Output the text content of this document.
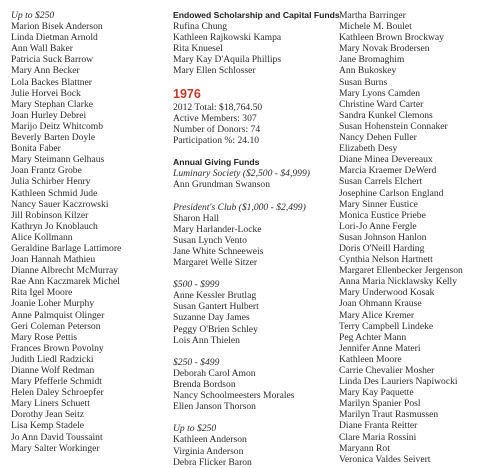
Up to $250
Marion Bisek Anderson
Linda Dietman Arnold
Ann Wall Baker
Patricia Suck Barrow
Mary Ann Becker
Lola Backes Blattner
Julie Horvei Bock
Mary Stephan Clarke
Joan Hurley Debrei
Marijo Deitz Whitcomb
Beverly Barten Doyle
Bonita Faber
Mary Steimann Gelhaus
Joan Frantz Grobe
Julia Schirber Henry
Kathleen Schmid Jude
Nancy Sauer Kaczrowski
Jill Robinson Kilzer
Kathryn Jo Knoblauch
Alice Kollmann
Geraldine Barlage Lattimore
Joan Hannah Mathieu
Dianne Albrecht McMurray
Rae Ann Kaczmarek Michel
Rita Igel Moore
Joanie Loher Murphy
Anne Palmquist Olinger
Geri Coleman Peterson
Mary Rose Pettis
Frances Brown Povolny
Judith Liedl Radzicki
Dianne Wolf Redman
Mary Pfefferle Schmidt
Helen Daley Schroepfer
Mary Liners Schuett
Dorothy Jean Seitz
Lisa Kemp Stadele
Jo Ann David Toussaint
Mary Salter Workinger
Endowed Scholarship and Capital Funds
Rufina Chung
Kathleen Rajkowski Kampa
Rita Knuesel
Mary Kay D'Aquila Phillips
Mary Ellen Schlosser
1976
2012 Total: $18,764.50
Active Members: 307
Number of Donors: 74
Participation %: 24.10
Annual Giving Funds
Luminary Society ($2,500 - $4,999)
Ann Grundman Swanson
President's Club ($1,000 - $2,499)
Sharon Hall
Mary Harlander-Locke
Susan Lynch Vento
Jane White Schneeweis
Margaret Welle Sitzer
$500 - $999
Anne Kessler Brutlag
Susan Gantert Hulbert
Suzanne Day James
Peggy O'Brien Schley
Lois Ann Thielen
$250 - $499
Deborah Carol Amon
Brenda Bordson
Nancy Schoolmeesters Morales
Ellen Janson Thorson
Up to $250
Kathleen Anderson
Virginia Anderson
Debra Flicker Baron
Martha Barringer
Michele M. Boulet
Kathleen Brown Brockway
Mary Novak Brodersen
Jane Bromaghim
Ann Bukoskey
Susan Burns
Mary Lyons Camden
Christine Ward Carter
Sandra Kunkel Clemons
Susan Hohenstein Connaker
Nancy Dehen Fuller
Elizabeth Desy
Diane Minea Devereaux
Marcia Kraemer DeWerd
Susan Carrels Elchert
Josephine Carlson England
Mary Sinner Eustice
Monica Eustice Priebe
Lori-Jo Anne Fergle
Susan Johnson Hanlon
Doris O'Neill Harding
Cynthia Nelson Hartnett
Margaret Ellenbecker Jergenson
Anna Maria Nicklawsky Kelly
Mary Underwood Kosak
Joan Ohmann Krause
Mary Alice Kremer
Terry Campbell Lindeke
Peg Achter Mann
Jennifer Anne Materi
Kathleen Moore
Carrie Chevalier Mosher
Linda Des Lauriers Napiwocki
Mary Kay Paquette
Marilyn Spanier Posl
Marilyn Traut Rasmussen
Diane Franta Reitter
Clare Maria Rossini
Maryann Rot
Veronica Valdes Seivert
